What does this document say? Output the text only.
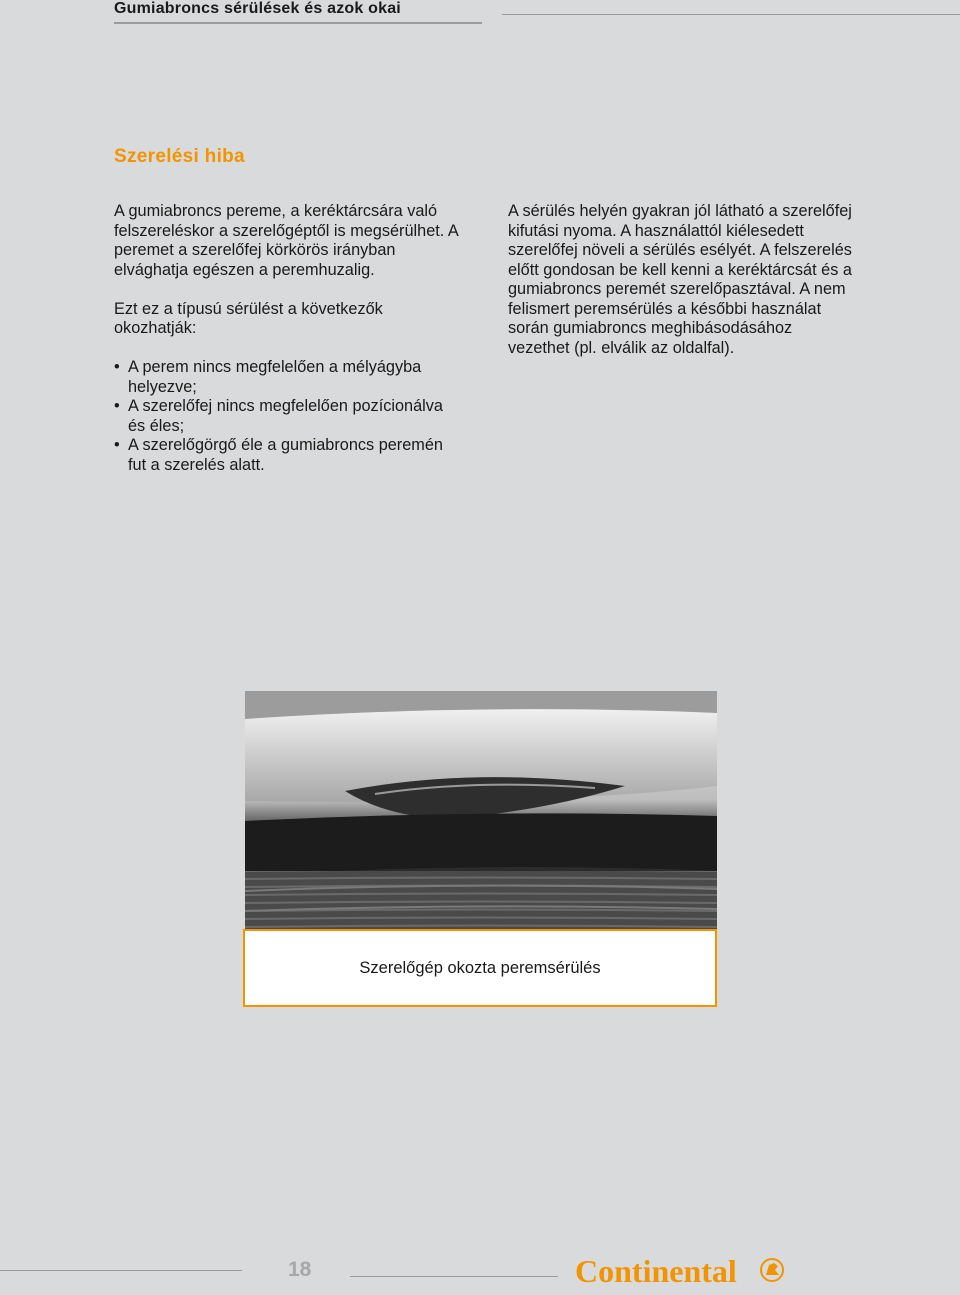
Gumiabroncs sérülések és azok okai
Szerelési hiba

A gumiabroncs pereme, a keréktárcsára való felszereléskor a szerelőgéptől is megsérülhet. A peremet a szerelőfej körkörös irányban elvághatja egészen a peremhuzalig.

Ezt ez a típusú sérülést a következők okozhatják:

• A perem nincs megfelelően a mélyágyba helyezve;
• A szerelőfej nincs megfelelően pozícionálva és éles;
• A szerelőgörgő éle a gumiabroncs peremén fut a szerelés alatt.

A sérülés helyén gyakran jól látható a szerelőfej kifutási nyoma. A használattól kiélesedett szerelőfej növeli a sérülés esélyét. A felszerelés előtt gondosan be kell kenni a keréktárcsát és a gumiabroncs peremét szerelőpasztával. A nem felismert peremsérülés a későbbi használat során gumiabroncs meghibásodásához vezethet (pl. elválik az oldalfal).

Szerelőgép okozta peremsérülés
18	Continental
